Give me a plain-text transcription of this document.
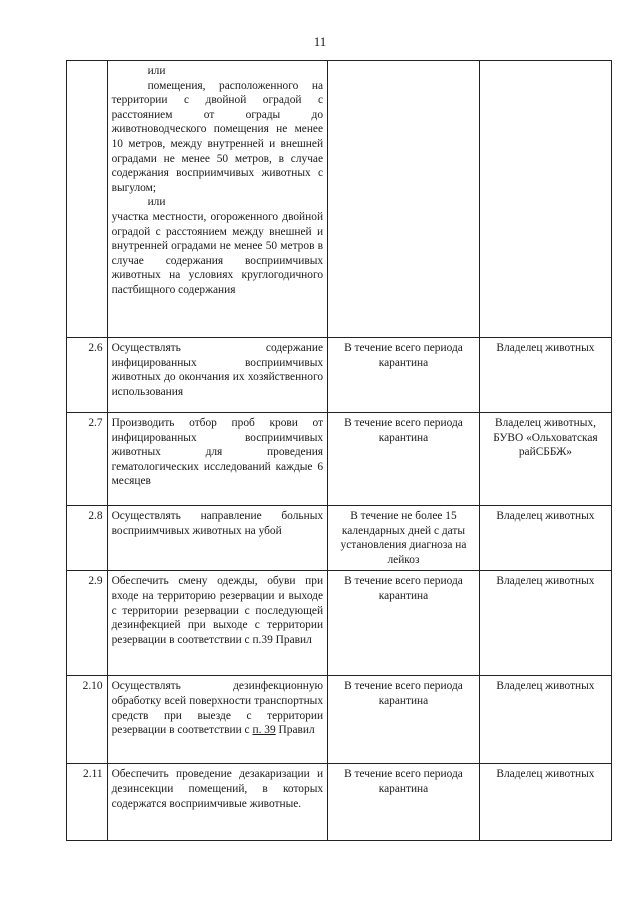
11

	или
помещения, расположенного на территории с двойной оградой с расстоянием от ограды до животноводческого помещения не менее 10 метров, между внутренней и внешней оградами не менее 50 метров, в случае содержания восприимчивых животных с выгулом;
или
участка местности, огороженного двойной оградой с расстоянием между внешней и внутренней оградами не менее 50 метров в случае содержания восприимчивых животных на условиях круглогодичного пастбищного содержания		

2.6	Осуществлять содержание инфицированных восприимчивых животных до окончания их хозяйственного использования	В течение всего периода карантина	Владелец животных
2.7	Производить отбор проб крови от инфицированных восприимчивых животных для проведения гематологических исследований каждые 6 месяцев	В течение всего периода карантина	Владелец животных, БУВО «Ольховатская райСББЖ»
2.8	Осуществлять направление больных восприимчивых животных на убой	В течение не более 15 календарных дней с даты установления диагноза на лейкоз	Владелец животных
2.9	Обеспечить смену одежды, обуви при входе на территорию резервации и выходе с территории резервации с последующей дезинфекцией при выходе с территории резервации в соответствии с п.39 Правил	В течение всего периода карантина	Владелец животных
2.10	Осуществлять дезинфекционную обработку всей поверхности транспортных средств при выезде с территории резервации в соответствии с п. 39 Правил	В течение всего периода карантина	Владелец животных
2.11	Обеспечить проведение дезакаризации и дезинсекции помещений, в которых содержатся восприимчивые животные.	В течение всего периода карантина	Владелец животных
